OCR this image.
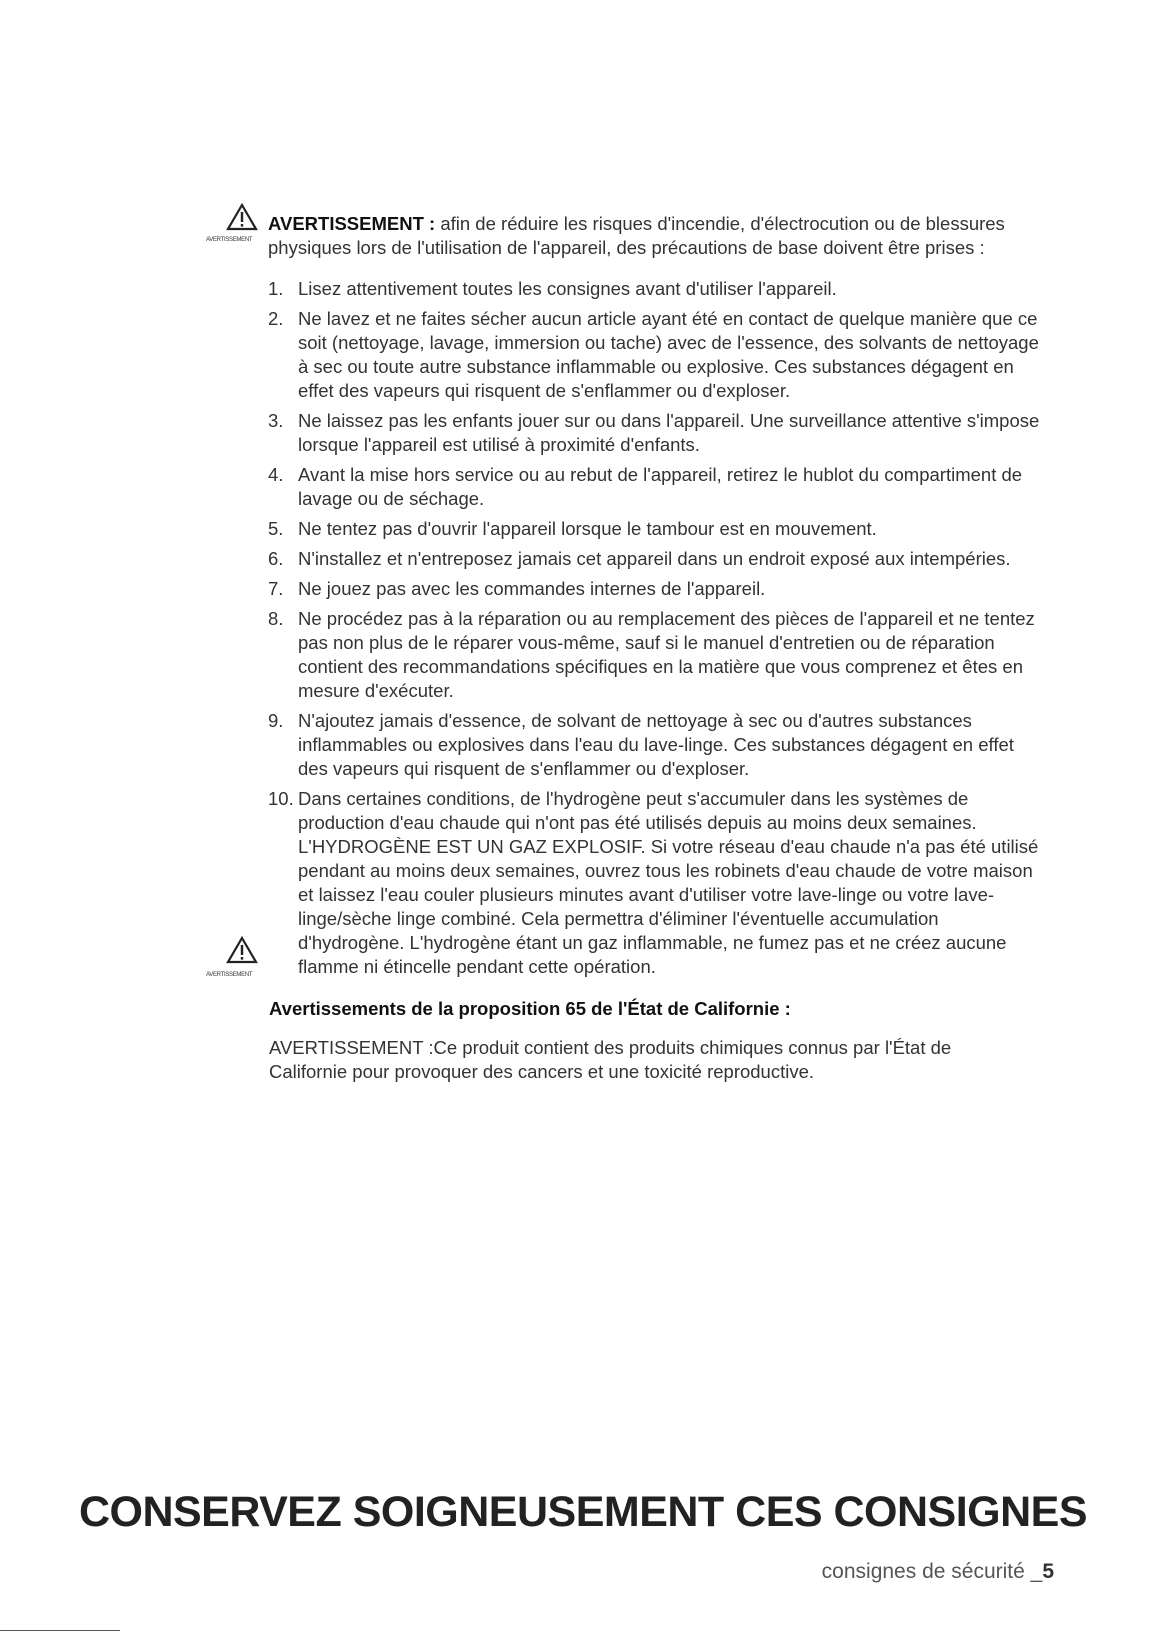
AVERTISSEMENT
AVERTISSEMENT : afin de réduire les risques d'incendie, d'électrocution ou de blessures physiques lors de l'utilisation de l'appareil, des précautions de base doivent être prises :
1. Lisez attentivement toutes les consignes avant d'utiliser l'appareil.
2. Ne lavez et ne faites sécher aucun article ayant été en contact de quelque manière que ce soit (nettoyage, lavage, immersion ou tache) avec de l'essence, des solvants de nettoyage à sec ou toute autre substance inflammable ou explosive. Ces substances dégagent en effet des vapeurs qui risquent de s'enflammer ou d'exploser.
3. Ne laissez pas les enfants jouer sur ou dans l'appareil. Une surveillance attentive s'impose lorsque l'appareil est utilisé à proximité d'enfants.
4. Avant la mise hors service ou au rebut de l'appareil, retirez le hublot du compartiment de lavage ou de séchage.
5. Ne tentez pas d'ouvrir l'appareil lorsque le tambour est en mouvement.
6. N'installez et n'entreposez jamais cet appareil dans un endroit exposé aux intempéries.
7. Ne jouez pas avec les commandes internes de l'appareil.
8. Ne procédez pas à la réparation ou au remplacement des pièces de l'appareil et ne tentez pas non plus de le réparer vous-même, sauf si le manuel d'entretien ou de réparation contient des recommandations spécifiques en la matière que vous comprenez et êtes en mesure d'exécuter.
9. N'ajoutez jamais d'essence, de solvant de nettoyage à sec ou d'autres substances inflammables ou explosives dans l'eau du lave-linge. Ces substances dégagent en effet des vapeurs qui risquent de s'enflammer ou d'exploser.
10. Dans certaines conditions, de l'hydrogène peut s'accumuler dans les systèmes de production d'eau chaude qui n'ont pas été utilisés depuis au moins deux semaines. L'HYDROGÈNE EST UN GAZ EXPLOSIF. Si votre réseau d'eau chaude n'a pas été utilisé pendant au moins deux semaines, ouvrez tous les robinets d'eau chaude de votre maison et laissez l'eau couler plusieurs minutes avant d'utiliser votre lave-linge ou votre lave-linge/sèche linge combiné. Cela permettra d'éliminer l'éventuelle accumulation d'hydrogène. L'hydrogène étant un gaz inflammable, ne fumez pas et ne créez aucune flamme ni étincelle pendant cette opération.
AVERTISSEMENT
Avertissements de la proposition 65 de l'État de Californie :
AVERTISSEMENT :Ce produit contient des produits chimiques connus par l'État de Californie pour provoquer des cancers et une toxicité reproductive.
CONSERVEZ SOIGNEUSEMENT CES CONSIGNES
consignes de sécurité _5
